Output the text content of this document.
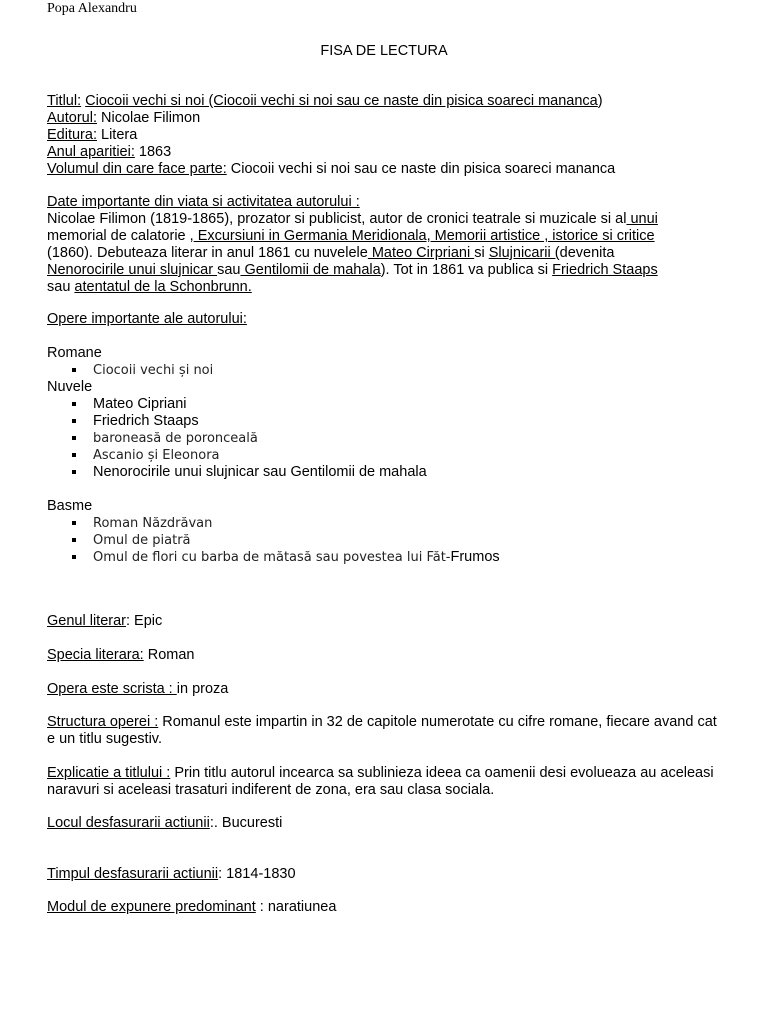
Popa Alexandru
FISA DE LECTURA

Titlul: Ciocoii vechi si noi (Ciocoii vechi si noi sau ce naste din pisica soareci mananca)

Autorul: Nicolae Filimon

Editura: Litera

Anul aparitiei: 1863

Volumul din care face parte: Ciocoii vechi si noi sau ce naste din pisica soareci mananca

Date importante din viata si activitatea autorului :

Nicolae Filimon (1819-1865), prozator si publicist, autor de cronici teatrale si muzicale si al unui

memorial de calatorie , Excursiuni in Germania Meridionala, Memorii artistice , istorice si critice

(1860). Debuteaza literar in anul 1861 cu nuvelele Mateo Cirpriani si Slujnicarii (devenita

Nenorocirile unui slujnicar sau Gentilomii de mahala). Tot in 1861 va publica si Friedrich Staaps

sau atentatul de la Schonbrunn.

Opere importante ale autorului:

Romane

Ciocoii vechi și noi

Nuvele

Mateo Cipriani
Friedrich Staaps
baroneasă de poronceală
Ascanio și Eleonora
Nenorocirile unui slujnicar sau Gentilomii de mahala

Basme

Roman Năzdrăvan
Omul de piatră
Omul de flori cu barba de mătasă sau povestea lui Făt-Frumos
Genul literar: Epic
Specia literara: Roman
Opera este scrista : in proza
Structura operei : Romanul este impartin in 32 de capitole numerotate cu cifre romane, fiecare avand cat e un titlu sugestiv.
Explicatie a titlului : Prin titlu autorul incearca sa sublinieza ideea ca oamenii desi evolueaza au aceleasi naravuri si aceleasi trasaturi indiferent de zona, era sau clasa sociala.
Locul desfasurarii actiunii:. Bucuresti
Timpul desfasurarii actiunii: 1814-1830
Modul de expunere predominant : naratiunea
